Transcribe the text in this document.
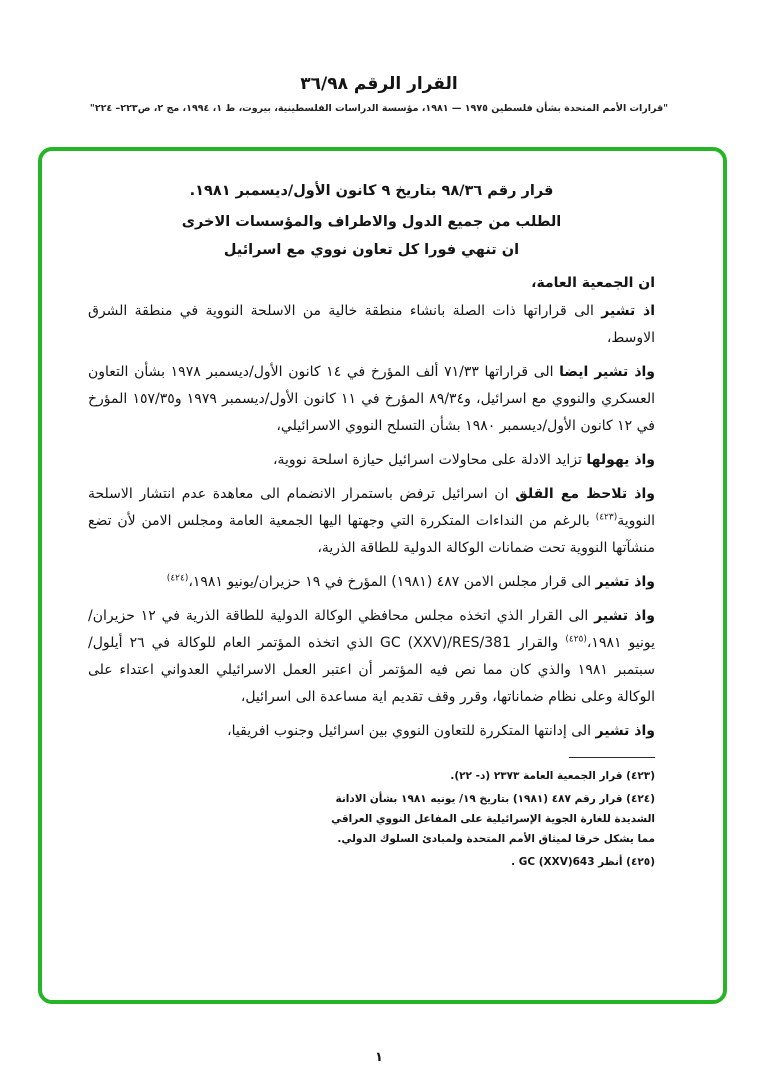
القرار الرقم ٣٦/٩٨
"قرارات الأمم المتحدة بشأن فلسطين ١٩٧٥ — ١٩٨١، مؤسسة الدراسات الفلسطينية، بيروت، ط ١، ١٩٩٤، مج ٢، ص٢٢٣– ٢٢٤"

قرار رقم ٩٨/٣٦ بتاريخ ٩ كانون الأول/ديسمبر ١٩٨١.

الطلب من جميع الدول والاطراف والمؤسسات الاخرى

ان تنهي فورا كل تعاون نووي مع اسرائيل

ان الجمعية العامة،

اذ تشير الى قراراتها ذات الصلة بانشاء منطقة خالية من الاسلحة النووية في منطقة الشرق الاوسط،

واذ تشير ايضا الى قراراتها ٧١/٣٣ ألف المؤرخ في ١٤ كانون الأول/ديسمبر ١٩٧٨ بشأن التعاون العسكري والنووي مع اسرائيل، و٨٩/٣٤ المؤرخ في ١١ كانون الأول/ديسمبر ١٩٧٩ و١٥٧/٣٥ المؤرخ في ١٢ كانون الأول/ديسمبر ١٩٨٠ بشأن التسلح النووي الاسرائيلي،

واذ يهولها تزايد الادلة على محاولات اسرائيل حيازة اسلحة نووية،

واذ تلاحظ مع القلق ان اسرائيل ترفض باستمرار الانضمام الى معاهدة عدم انتشار الاسلحة النووية$^{(٤٢٣)}$ بالرغم من النداءات المتكررة التي وجهتها اليها الجمعية العامة ومجلس الامن لأن تضع منشآتها النووية تحت ضمانات الوكالة الدولية للطاقة الذرية،

واذ تشير الى قرار مجلس الامن ٤٨٧ (١٩٨١) المؤرخ في ١٩ حزيران/يونيو ١٩٨١،$^{(٤٢٤)}$

واذ تشير الى القرار الذي اتخذه مجلس محافظي الوكالة الدولية للطاقة الذرية في ١٢ حزيران/يونيو ١٩٨١،$^{(٤٢٥)}$ والقرار GC (XXV)/RES/381 الذي اتخذه المؤتمر العام للوكالة في ٢٦ أيلول/سبتمبر ١٩٨١ والذي كان مما نص فيه المؤتمر أن اعتبر العمل الاسرائيلي العدواني اعتداء على الوكالة وعلى نظام ضماناتها، وقرر وقف تقديم اية مساعدة الى اسرائيل،

واذ تشير الى إدانتها المتكررة للتعاون النووي بين اسرائيل وجنوب افريقيا،

(٤٢٣) قرار الجمعية العامة ٢٣٧٣ (د- ٢٢).
(٤٢٤) قرار رقم ٤٨٧ (١٩٨١) بتاريخ ١٩/ يونيه ١٩٨١ بشأن الادانة الشديدة للغارة الجوية الإسرائيلية على المفاعل النووي العراقي مما يشكل خرقا لميثاق الأمم المتحدة ولمبادئ السلوك الدولي.
(٤٢٥) أنظر GC (XXV)643 .
١
